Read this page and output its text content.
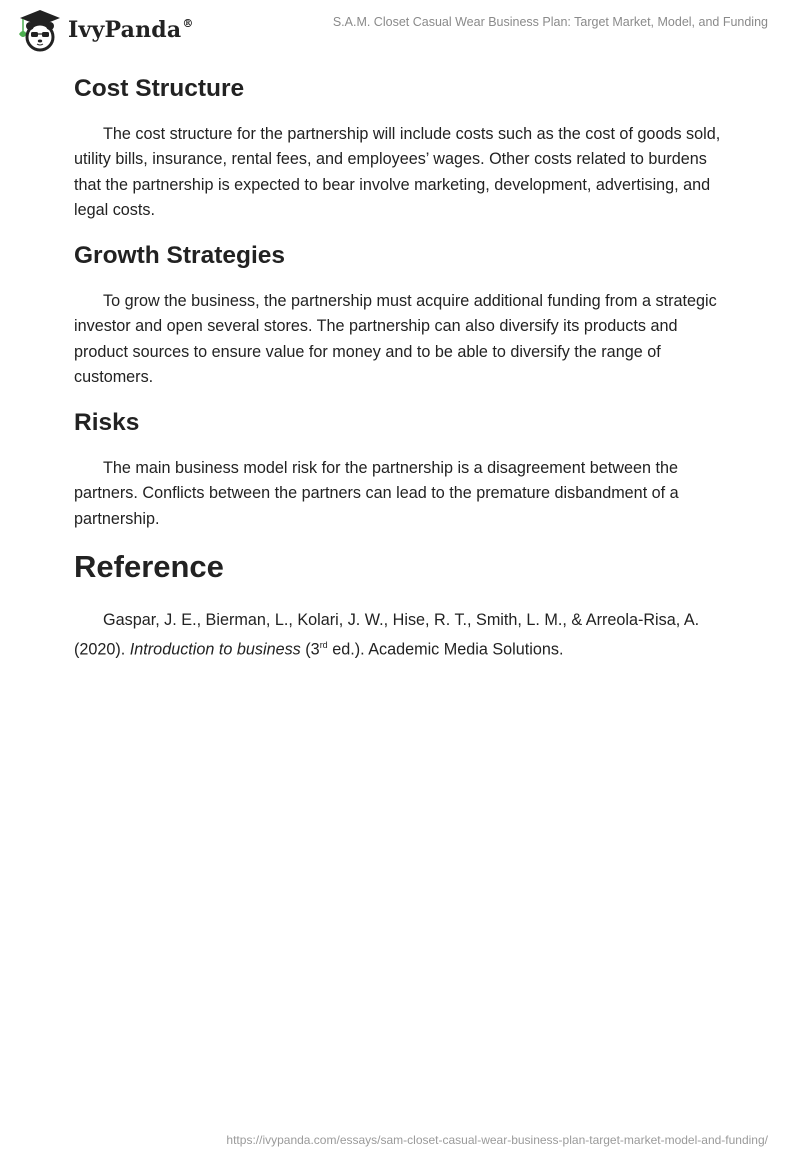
IvyPanda®	S.A.M. Closet Casual Wear Business Plan: Target Market, Model, and Funding
Cost Structure

The cost structure for the partnership will include costs such as the cost of goods sold, utility bills, insurance, rental fees, and employees’ wages. Other costs related to burdens that the partnership is expected to bear involve marketing, development, advertising, and legal costs.

Growth Strategies

To grow the business, the partnership must acquire additional funding from a strategic investor and open several stores. The partnership can also diversify its products and product sources to ensure value for money and to be able to diversify the range of customers.

Risks

The main business model risk for the partnership is a disagreement between the partners. Conflicts between the partners can lead to the premature disbandment of a partnership.

Reference

Gaspar, J. E., Bierman, L., Kolari, J. W., Hise, R. T., Smith, L. M., & Arreola-Risa, A. (2020). Introduction to business (3rd ed.). Academic Media Solutions.

https://ivypanda.com/essays/sam-closet-casual-wear-business-plan-target-market-model-and-funding/
